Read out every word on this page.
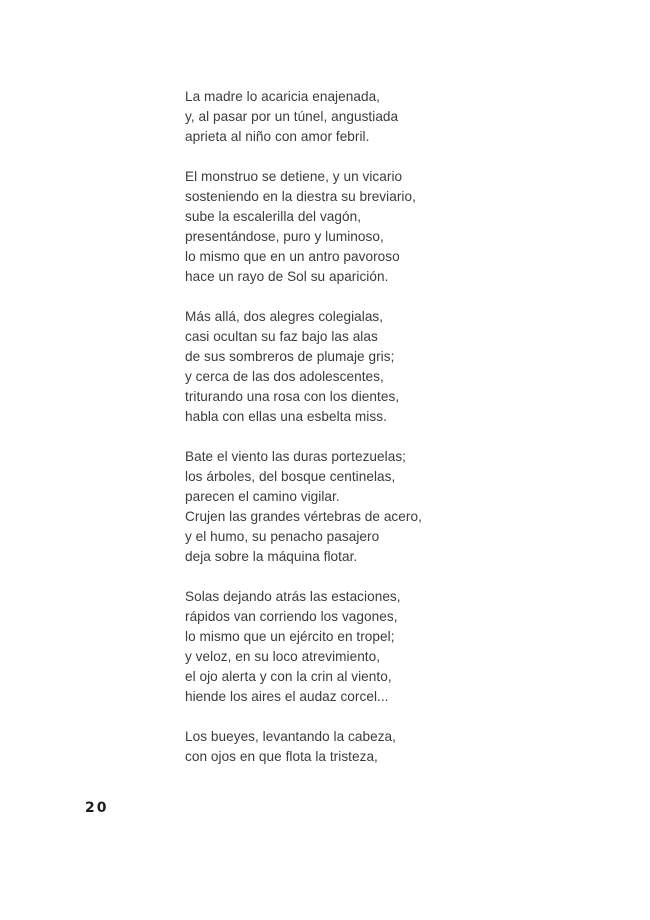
La madre lo acaricia enajenada,
y, al pasar por un túnel, angustiada
aprieta al niño con amor febril.
El monstruo se detiene, y un vicario
sosteniendo en la diestra su breviario,
sube la escalerilla del vagón,
presentándose, puro y luminoso,
lo mismo que en un antro pavoroso
hace un rayo de Sol su aparición.
Más allá, dos alegres colegialas,
casi ocultan su faz bajo las alas
de sus sombreros de plumaje gris;
y cerca de las dos adolescentes,
triturando una rosa con los dientes,
habla con ellas una esbelta miss.
Bate el viento las duras portezuelas;
los árboles, del bosque centinelas,
parecen el camino vigilar.
Crujen las grandes vértebras de acero,
y el humo, su penacho pasajero
deja sobre la máquina flotar.
Solas dejando atrás las estaciones,
rápidos van corriendo los vagones,
lo mismo que un ejército en tropel;
y veloz, en su loco atrevimiento,
el ojo alerta y con la crin al viento,
hiende los aires el audaz corcel...
Los bueyes, levantando la cabeza,
con ojos en que flota la tristeza,
20
